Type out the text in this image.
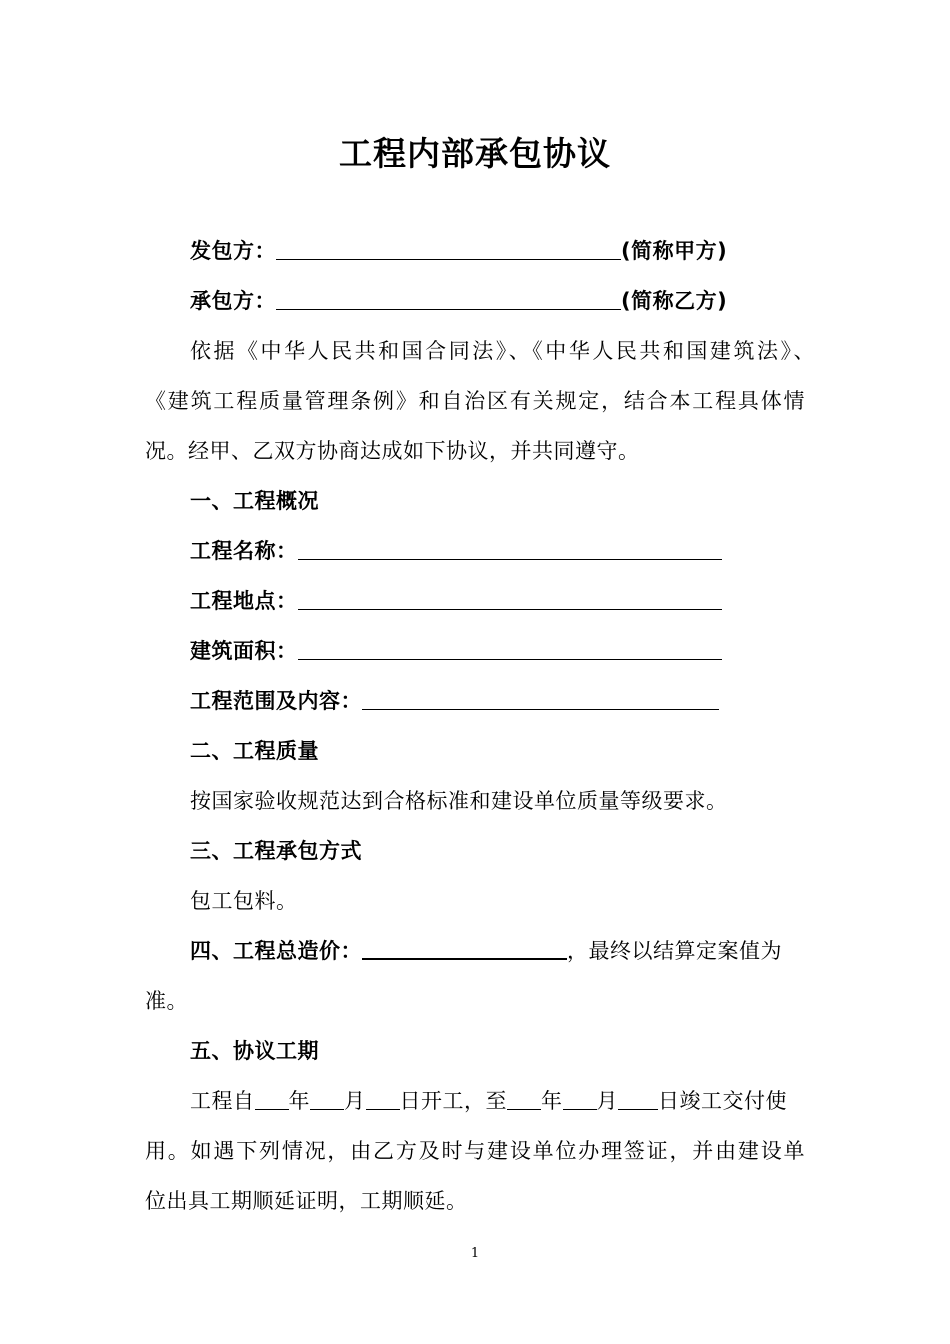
工程内部承包协议
发包方：	(简称甲方)
承包方：	(简称乙方)
依据《中华人民共和国合同法》、《中华人民共和国建筑法》、
《建筑工程质量管理条例》和自治区有关规定，结合本工程具体情
况。经甲、乙双方协商达成如下协议，并共同遵守。
一、工程概况
工程名称：
工程地点：
建筑面积：
工程范围及内容：
二、工程质量
按国家验收规范达到合格标准和建设单位质量等级要求。
三、工程承包方式
包工包料。
四、工程总造价：	，最终以结算定案值为
准。
五、协议工期
工程自 年 月 日开工，至 年 月 日竣工交付使
用。如遇下列情况，由乙方及时与建设单位办理签证，并由建设单
位出具工期顺延证明，工期顺延。
1
